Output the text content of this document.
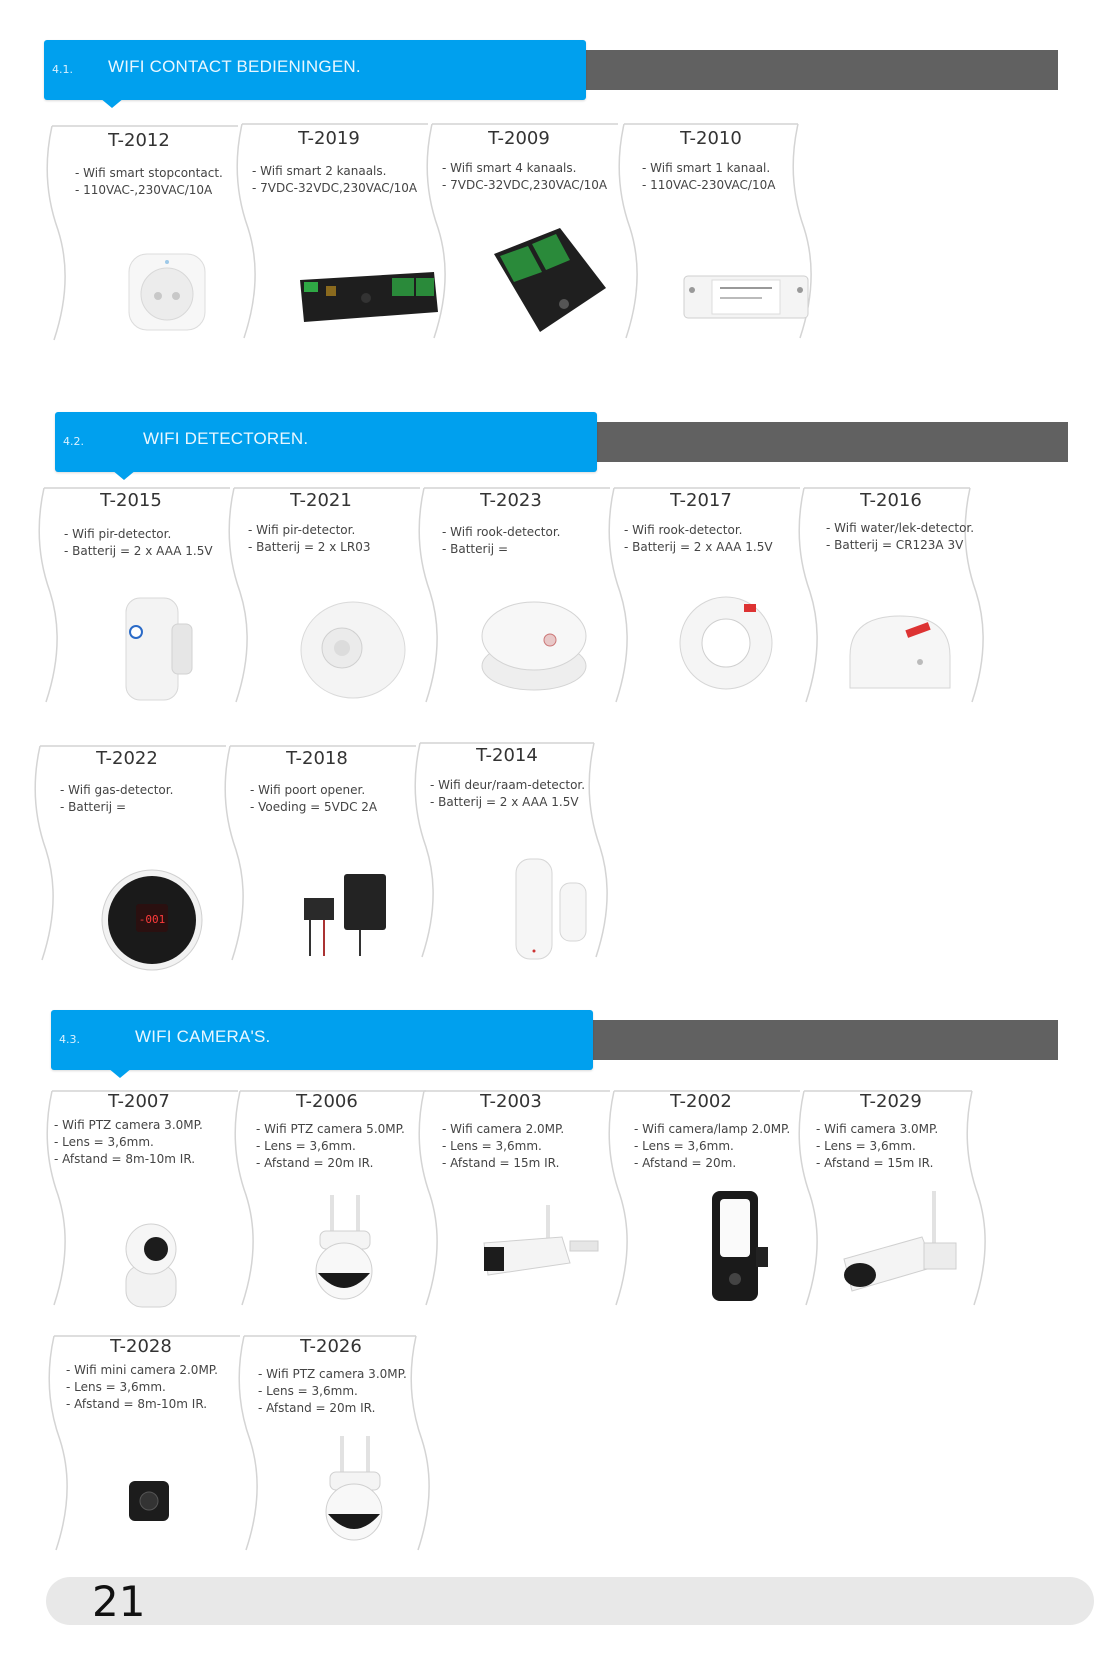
4.1. WIFI CONTACT BEDIENINGEN.
T-2012
- Wifi smart stopcontact.
- 110VAC-,230VAC/10A
T-2019
- Wifi smart 2 kanaals.
- 7VDC-32VDC,230VAC/10A
T-2009
- Wifi smart 4 kanaals.
- 7VDC-32VDC,230VAC/10A
T-2010
- Wifi smart 1 kanaal.
- 110VAC-230VAC/10A
4.2.	WIFI DETECTOREN.
T-2015
- Wifi pir-detector.
- Batterij = 2 x AAA 1.5V
T-2021
- Wifi pir-detector.
- Batterij = 2 x LR03
T-2023
- Wifi rook-detector.
- Batterij =
T-2017
- Wifi rook-detector.
- Batterij = 2 x AAA 1.5V
T-2016
- Wifi water/lek-detector.
- Batterij = CR123A 3V
T-2022
- Wifi gas-detector.
- Batterij =
-001
T-2018
- Wifi poort opener.
- Voeding = 5VDC 2A
T-2014
- Wifi deur/raam-detector.
- Batterij = 2 x AAA 1.5V
4.3.	WIFI CAMERA'S.
T-2007
- Wifi PTZ camera 3.0MP.
- Lens = 3,6mm.
- Afstand = 8m-10m IR.
T-2006
- Wifi PTZ camera 5.0MP.
- Lens = 3,6mm.
- Afstand = 20m IR.
T-2003
- Wifi camera 2.0MP.
- Lens = 3,6mm.
- Afstand = 15m IR.
T-2002
- Wifi camera/lamp 2.0MP.
- Lens = 3,6mm.
- Afstand = 20m.
T-2029
- Wifi camera 3.0MP.
- Lens = 3,6mm.
- Afstand = 15m IR.
T-2028
- Wifi mini camera 2.0MP.
- Lens = 3,6mm.
- Afstand = 8m-10m IR.
T-2026
- Wifi PTZ camera 3.0MP.
- Lens = 3,6mm.
- Afstand = 20m IR.
21
